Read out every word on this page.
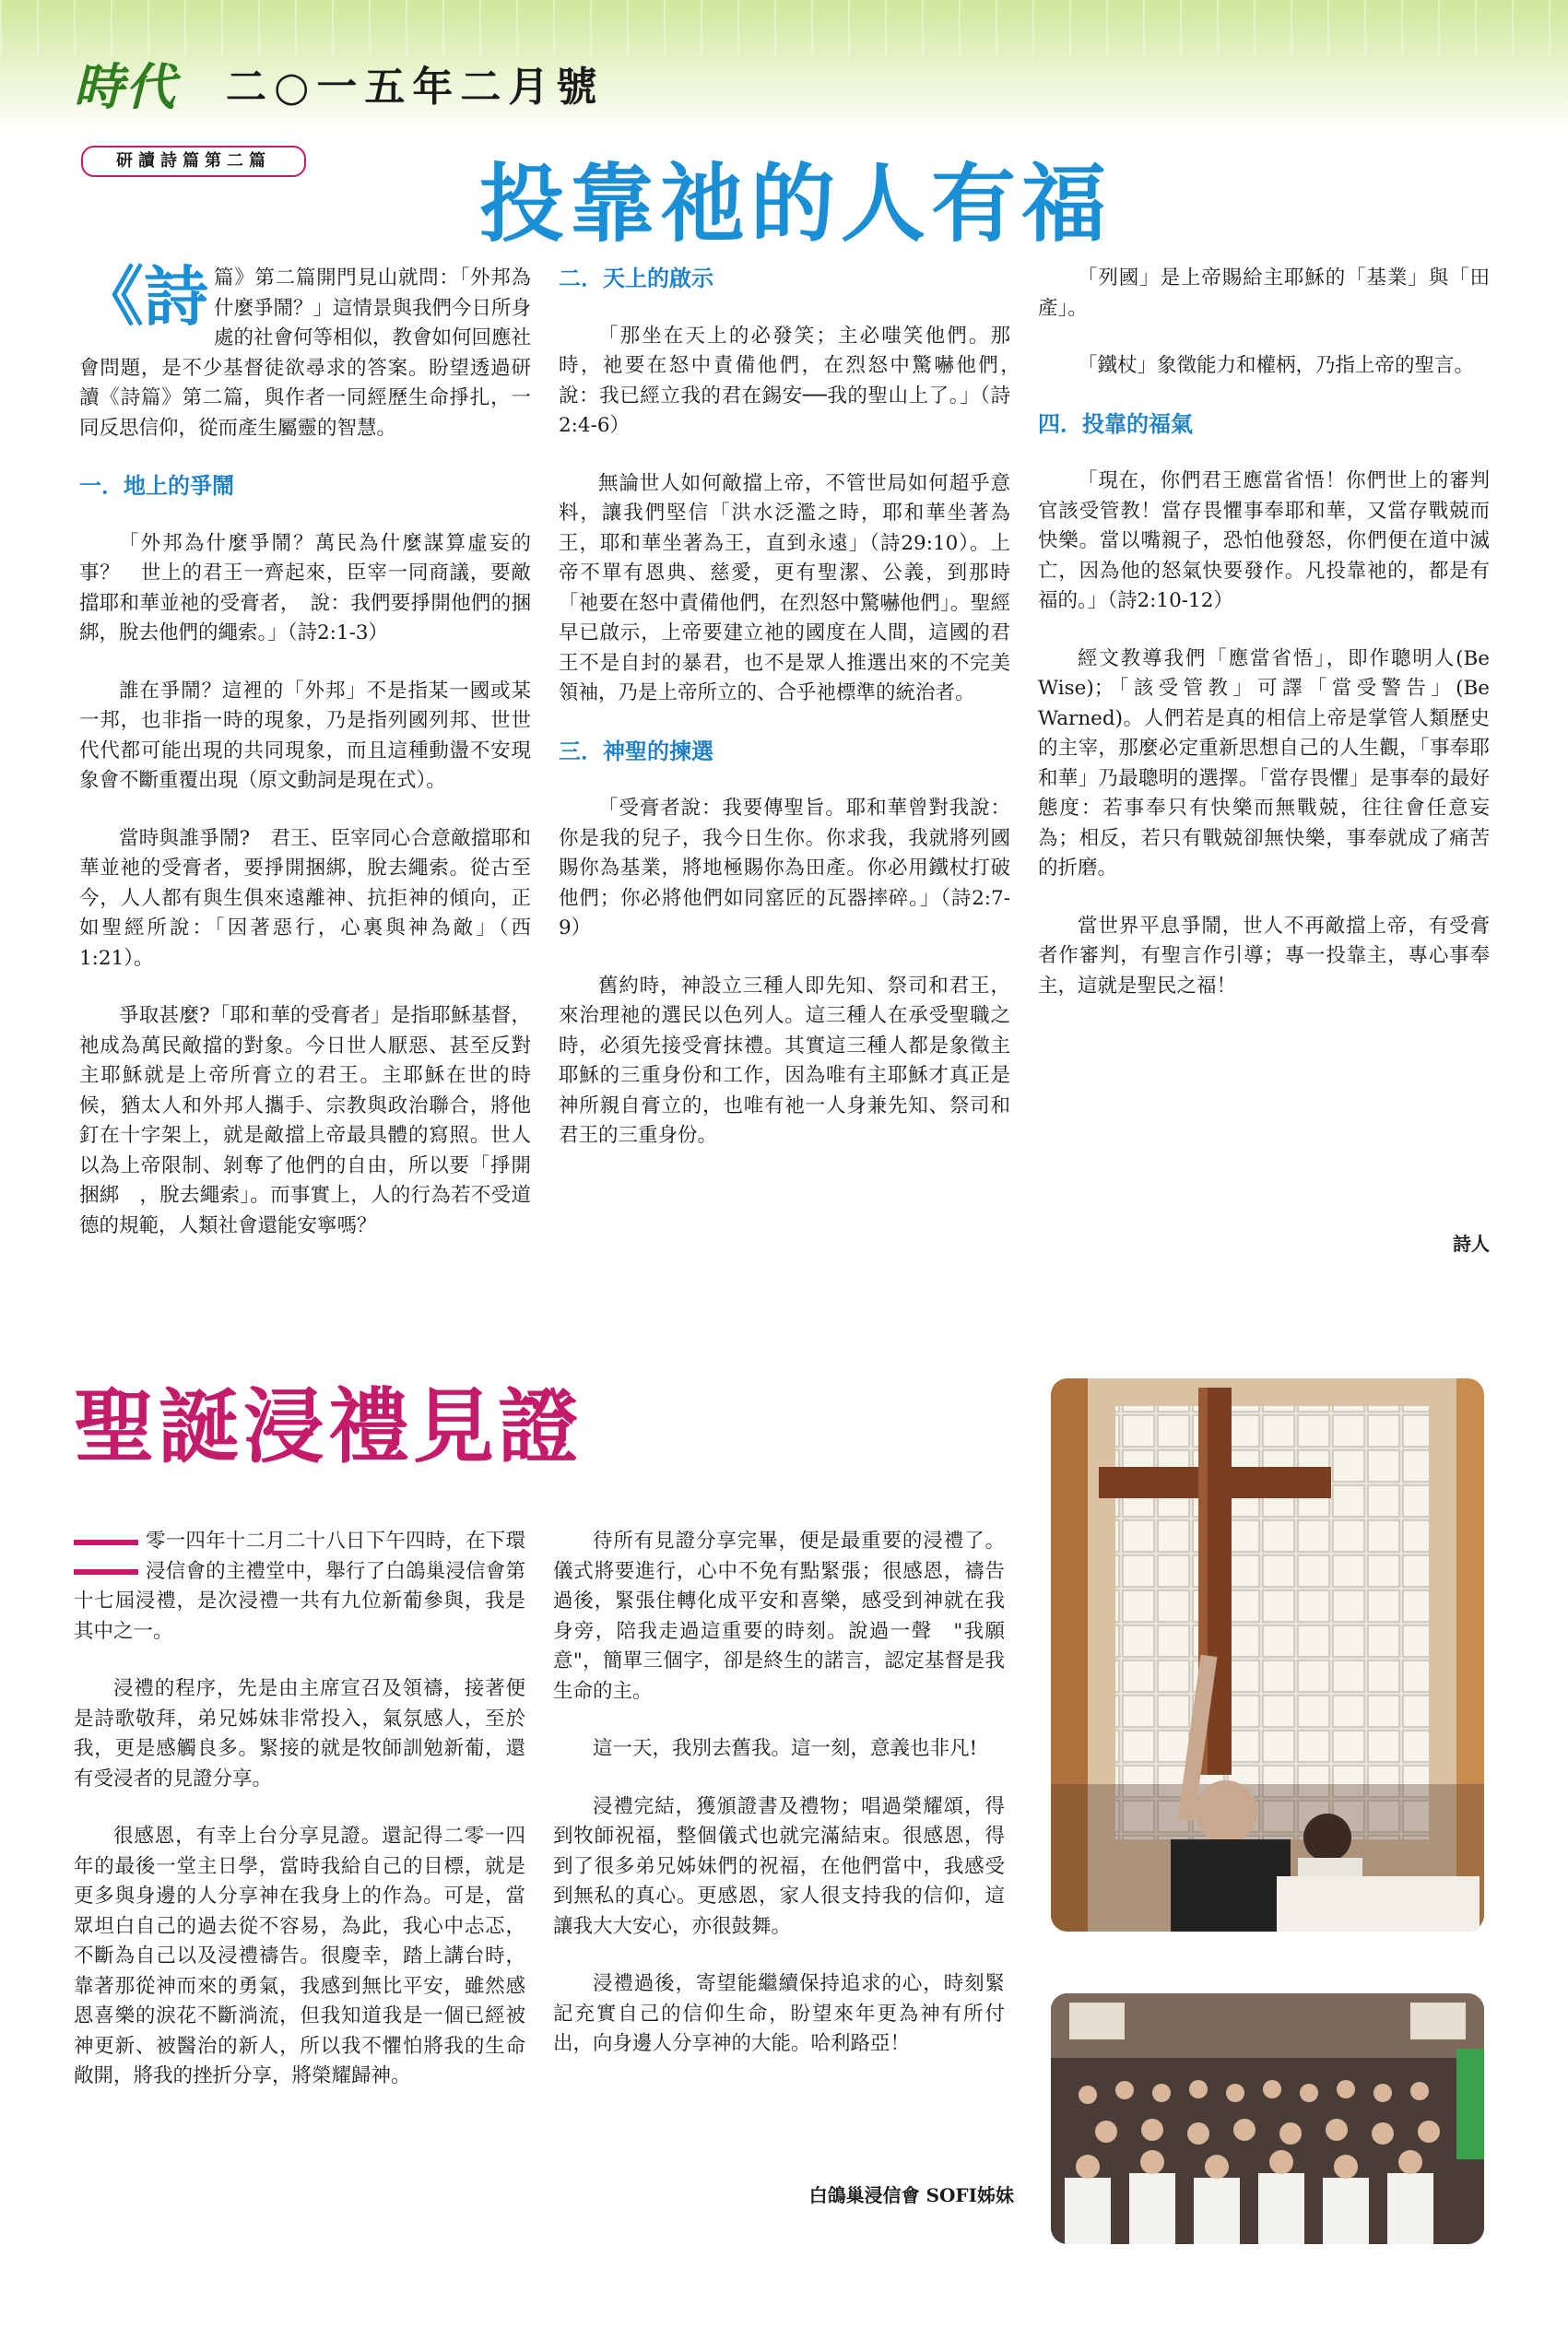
時代 二○一五年二月號
研讀詩篇第二篇	投靠祂的人有福

《詩篇》第二篇開門見山就問：「外邦為什麼爭鬧？」這情景與我們今日所身處的社會何等相似，教會如何回應社會問題，是不少基督徒欲尋求的答案。盼望透過研讀《詩篇》第二篇，與作者一同經歷生命掙扎，一同反思信仰，從而產生屬靈的智慧。

一．地上的爭鬧

「外邦為什麼爭鬧？萬民為什麼謀算虛妄的事？　世上的君王一齊起來，臣宰一同商議，要敵擋耶和華並祂的受膏者，　說：我們要掙開他們的捆綁，脫去他們的繩索。」（詩2:1-3）

誰在爭鬧？這裡的「外邦」不是指某一國或某一邦，也非指一時的現象，乃是指列國列邦、世世代代都可能出現的共同現象，而且這種動盪不安現象會不斷重覆出現（原文動詞是現在式）。

當時與誰爭鬧?　君王、臣宰同心合意敵擋耶和華並祂的受膏者，要掙開捆綁，脫去繩索。從古至今，人人都有與生俱來遠離神、抗拒神的傾向，正如聖經所說：「因著惡行，心裏與神為敵」（西1:21）。

爭取甚麼?「耶和華的受膏者」是指耶穌基督，祂成為萬民敵擋的對象。今日世人厭惡、甚至反對主耶穌就是上帝所膏立的君王。主耶穌在世的時候，猶太人和外邦人攜手、宗教與政治聯合，將他釘在十字架上，就是敵擋上帝最具體的寫照。世人以為上帝限制、剝奪了他們的自由，所以要「掙開捆綁　，脫去繩索」。而事實上，人的行為若不受道德的規範，人類社會還能安寧嗎？

二．天上的啟示

「那坐在天上的必發笑；主必嗤笑他們。那時，祂要在怒中責備他們，在烈怒中驚嚇他們，　說：我已經立我的君在錫安──我的聖山上了。」（詩2:4-6）

無論世人如何敵擋上帝，不管世局如何超乎意料，讓我們堅信「洪水泛濫之時，耶和華坐著為王，耶和華坐著為王，直到永遠」（詩29:10）。上帝不單有恩典、慈愛，更有聖潔、公義，到那時「祂要在怒中責備他們，在烈怒中驚嚇他們」。聖經早已啟示，上帝要建立祂的國度在人間，這國的君王不是自封的暴君，也不是眾人推選出來的不完美領袖，乃是上帝所立的、合乎祂標準的統治者。

三．神聖的揀選

「受膏者說：我要傳聖旨。耶和華曾對我說：你是我的兒子，我今日生你。你求我，我就將列國賜你為基業，將地極賜你為田產。你必用鐵杖打破他們；你必將他們如同窰匠的瓦器摔碎。」（詩2:7-9）

舊約時，神設立三種人即先知、祭司和君王，來治理祂的選民以色列人。這三種人在承受聖職之時，必須先接受膏抹禮。其實這三種人都是象徵主耶穌的三重身份和工作，因為唯有主耶穌才真正是神所親自膏立的，也唯有祂一人身兼先知、祭司和君王的三重身份。

「列國」是上帝賜給主耶穌的「基業」與「田產」。

「鐵杖」象徵能力和權柄，乃指上帝的聖言。

四．投靠的福氣

「現在，你們君王應當省悟！你們世上的審判官該受管教！當存畏懼事奉耶和華，又當存戰兢而快樂。當以嘴親子，恐怕他發怒，你們便在道中滅亡，因為他的怒氣快要發作。凡投靠祂的，都是有福的。」（詩2:10-12）

經文教導我們「應當省悟」，即作聰明人(Be Wise)；「該受管教」可譯「當受警告」(Be Warned)。人們若是真的相信上帝是掌管人類歷史的主宰，那麼必定重新思想自己的人生觀，「事奉耶和華」乃最聰明的選擇。「當存畏懼」是事奉的最好態度：若事奉只有快樂而無戰兢，往往會任意妄為；相反，若只有戰兢卻無快樂，事奉就成了痛苦的折磨。

當世界平息爭鬧，世人不再敵擋上帝，有受膏者作審判，有聖言作引導；專一投靠主，專心事奉主，這就是聖民之福！

詩人
聖誕浸禮見證

零一四年十二月二十八日下午四時，在下環浸信會的主禮堂中，舉行了白鴿巢浸信會第十七屆浸禮，是次浸禮一共有九位新葡參與，我是其中之一。

浸禮的程序，先是由主席宣召及領禱，接著便是詩歌敬拜，弟兄姊妹非常投入，氣氛感人，至於我，更是感觸良多。緊接的就是牧師訓勉新葡，還有受浸者的見證分享。

很感恩，有幸上台分享見證。還記得二零一四年的最後一堂主日學，當時我給自己的目標，就是更多與身邊的人分享神在我身上的作為。可是，當眾坦白自己的過去從不容易，為此，我心中忐忑，不斷為自己以及浸禮禱告。很慶幸，踏上講台時，靠著那從神而來的勇氣，我感到無比平安，雖然感恩喜樂的淚花不斷淌流，但我知道我是一個已經被神更新、被醫治的新人，所以我不懼怕將我的生命敞開，將我的挫折分享，將榮耀歸神。

待所有見證分享完畢，便是最重要的浸禮了。儀式將要進行，心中不免有點緊張；很感恩，禱告過後，緊張住轉化成平安和喜樂，感受到神就在我身旁，陪我走過這重要的時刻。說過一聲　"我願意"，簡單三個字，卻是終生的諾言，認定基督是我生命的主。

這一天，我別去舊我。這一刻，意義也非凡!

浸禮完結，獲頒證書及禮物；唱過榮耀頌，得到牧師祝福，整個儀式也就完滿結束。很感恩，得到了很多弟兄姊妹們的祝福，在他們當中，我感受到無私的真心。更感恩，家人很支持我的信仰，這讓我大大安心，亦很鼓舞。

浸禮過後，寄望能繼續保持追求的心，時刻緊記充實自己的信仰生命，盼望來年更為神有所付出，向身邊人分享神的大能。哈利路亞！

白鴿巢浸信會 SOFI姊妹
